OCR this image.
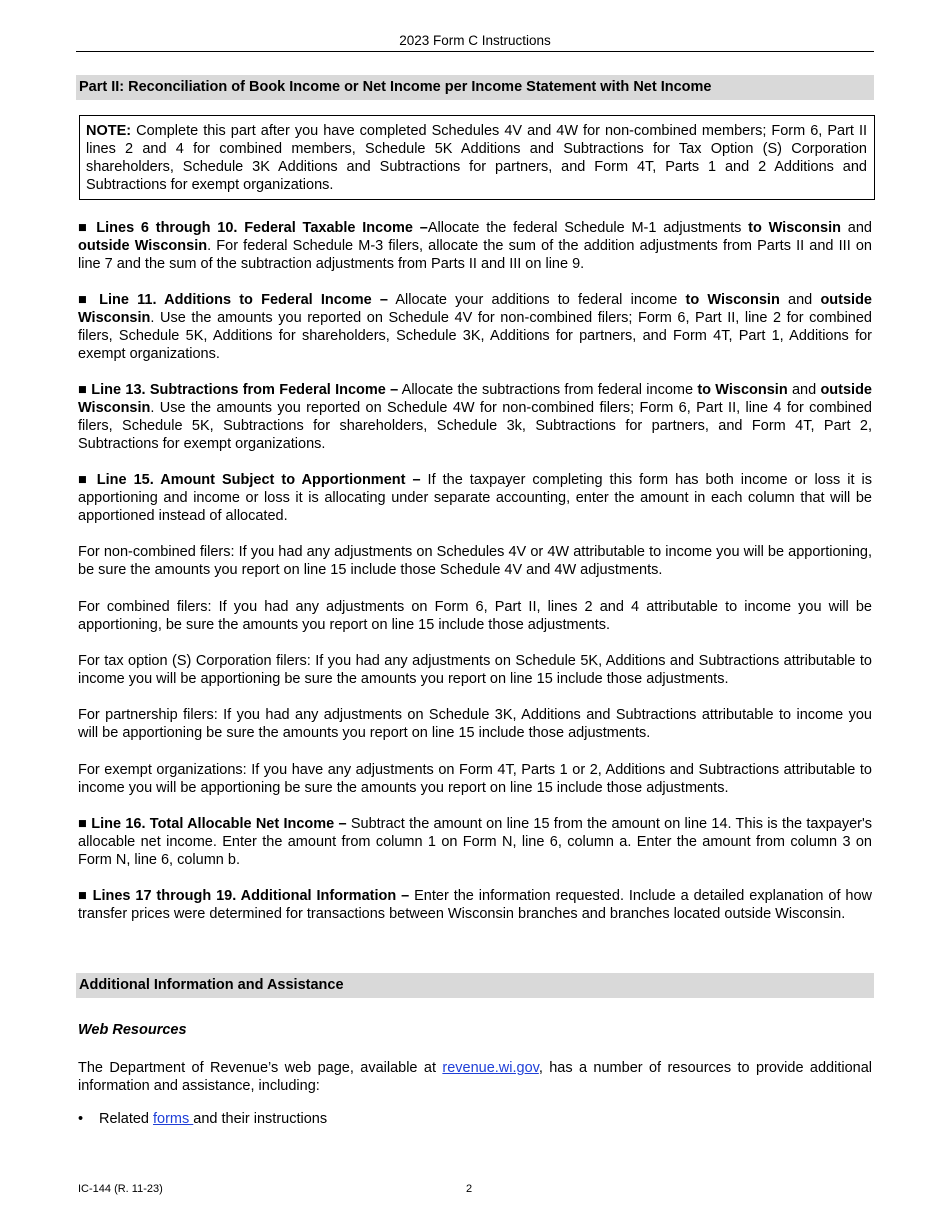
2023 Form C Instructions
Part II: Reconciliation of Book Income or Net Income per Income Statement with Net Income
NOTE: Complete this part after you have completed Schedules 4V and 4W for non-combined members; Form 6, Part II lines 2 and 4 for combined members, Schedule 5K Additions and Subtractions for Tax Option (S) Corporation shareholders, Schedule 3K Additions and Subtractions for partners, and Form 4T, Parts 1 and 2 Additions and Subtractions for exempt organizations.

■ Lines 6 through 10. Federal Taxable Income –Allocate the federal Schedule M-1 adjustments to Wisconsin and outside Wisconsin. For federal Schedule M-3 filers, allocate the sum of the addition adjustments from Parts II and III on line 7 and the sum of the subtraction adjustments from Parts II and III on line 9.

■ Line 11. Additions to Federal Income – Allocate your additions to federal income to Wisconsin and outside Wisconsin. Use the amounts you reported on Schedule 4V for non-combined filers; Form 6, Part II, line 2 for combined filers, Schedule 5K, Additions for shareholders, Schedule 3K, Additions for partners, and Form 4T, Part 1, Additions for exempt organizations.

■ Line 13. Subtractions from Federal Income – Allocate the subtractions from federal income to Wisconsin and outside Wisconsin. Use the amounts you reported on Schedule 4W for non-combined filers; Form 6, Part II, line 4 for combined filers, Schedule 5K, Subtractions for shareholders, Schedule 3k, Subtractions for partners, and Form 4T, Part 2, Subtractions for exempt organizations.

■ Line 15. Amount Subject to Apportionment – If the taxpayer completing this form has both income or loss it is apportioning and income or loss it is allocating under separate accounting, enter the amount in each column that will be apportioned instead of allocated.

For non-combined filers: If you had any adjustments on Schedules 4V or 4W attributable to income you will be apportioning, be sure the amounts you report on line 15 include those Schedule 4V and 4W adjustments.

For combined filers: If you had any adjustments on Form 6, Part II, lines 2 and 4 attributable to income you will be apportioning, be sure the amounts you report on line 15 include those adjustments.

For tax option (S) Corporation filers: If you had any adjustments on Schedule 5K, Additions and Subtractions attributable to income you will be apportioning be sure the amounts you report on line 15 include those adjustments.

For partnership filers: If you had any adjustments on Schedule 3K, Additions and Subtractions attributable to income you will be apportioning be sure the amounts you report on line 15 include those adjustments.

For exempt organizations: If you have any adjustments on Form 4T, Parts 1 or 2, Additions and Subtractions attributable to income you will be apportioning be sure the amounts you report on line 15 include those adjustments.

■ Line 16. Total Allocable Net Income – Subtract the amount on line 15 from the amount on line 14. This is the taxpayer's allocable net income. Enter the amount from column 1 on Form N, line 6, column a. Enter the amount from column 3 on Form N, line 6, column b.

■ Lines 17 through 19. Additional Information – Enter the information requested. Include a detailed explanation of how transfer prices were determined for transactions between Wisconsin branches and branches located outside Wisconsin.

Additional Information and Assistance
Web Resources

The Department of Revenue’s web page, available at revenue.wi.gov, has a number of resources to provide additional information and assistance, including:

• Related forms and their instructions
IC-144 (R. 11-23)	2
